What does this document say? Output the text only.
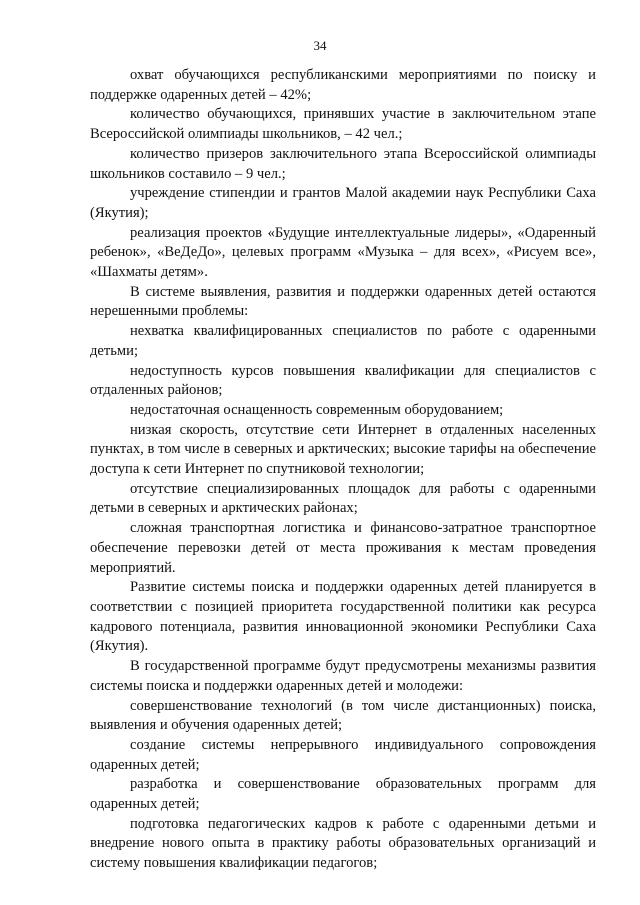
34

охват обучающихся республиканскими мероприятиями по поиску и поддержке одаренных детей – 42%;

количество обучающихся, принявших участие в заключительном этапе Всероссийской олимпиады школьников, – 42 чел.;

количество призеров заключительного этапа Всероссийской олимпиады школьников составило – 9 чел.;

учреждение стипендии и грантов Малой академии наук Республики Саха (Якутия);

реализация проектов «Будущие интеллектуальные лидеры», «Одаренный ребенок», «ВеДеДо», целевых программ «Музыка – для всех», «Рисуем все», «Шахматы детям».

В системе выявления, развития и поддержки одаренных детей остаются нерешенными проблемы:

нехватка квалифицированных специалистов по работе с одаренными детьми;

недоступность курсов повышения квалификации для специалистов с отдаленных районов;

недостаточная оснащенность современным оборудованием;

низкая скорость, отсутствие сети Интернет в отдаленных населенных пунктах, в том числе в северных и арктических; высокие тарифы на обеспечение доступа к сети Интернет по спутниковой технологии;

отсутствие специализированных площадок для работы с одаренными детьми в северных и арктических районах;

сложная транспортная логистика и финансово-затратное транспортное обеспечение перевозки детей от места проживания к местам проведения мероприятий.

Развитие системы поиска и поддержки одаренных детей планируется в соответствии с позицией приоритета государственной политики как ресурса кадрового потенциала, развития инновационной экономики Республики Саха (Якутия).

В государственной программе будут предусмотрены механизмы развития системы поиска и поддержки одаренных детей и молодежи:

совершенствование технологий (в том числе дистанционных) поиска, выявления и обучения одаренных детей;

создание системы непрерывного индивидуального сопровождения одаренных детей;

разработка и совершенствование образовательных программ для одаренных детей;

подготовка педагогических кадров к работе с одаренными детьми и внедрение нового опыта в практику работы образовательных организаций и систему повышения квалификации педагогов;
